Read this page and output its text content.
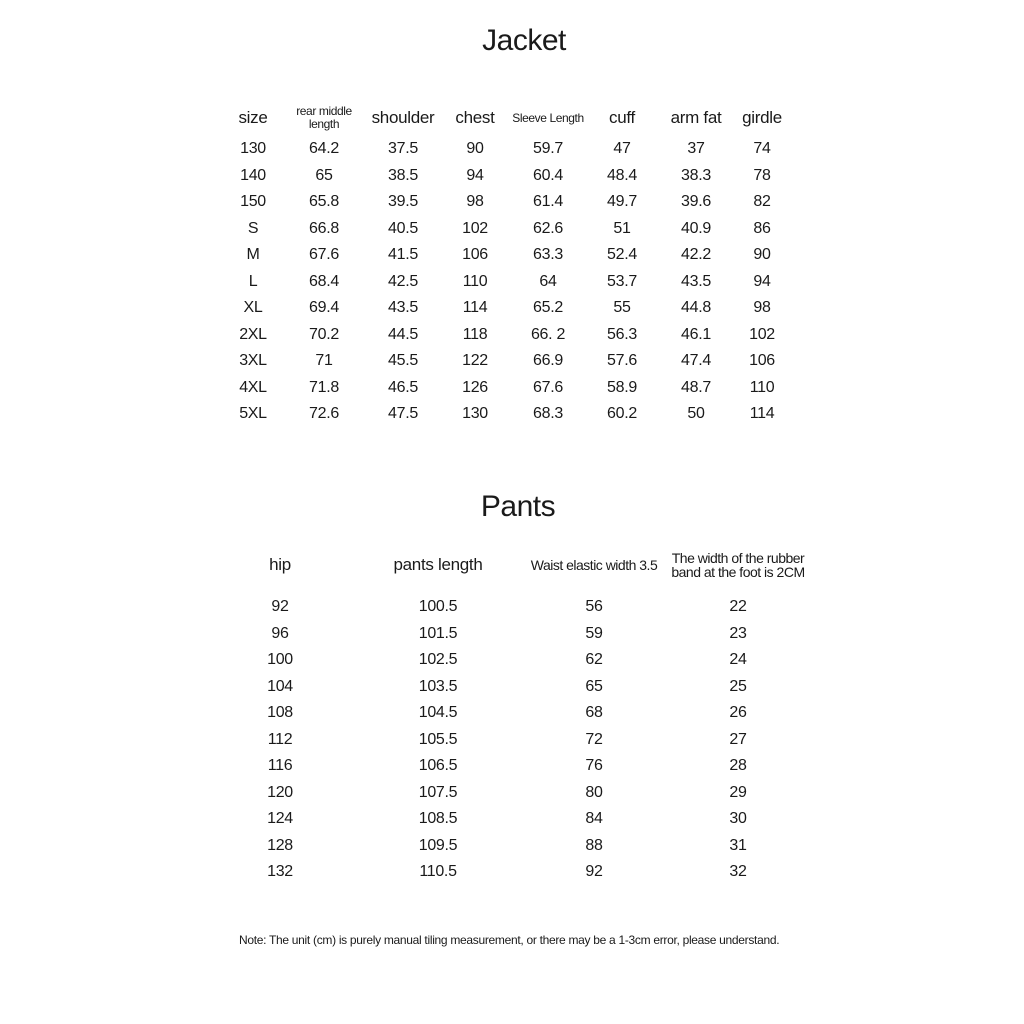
Jacket
size	rear middle length	shoulder	chest	Sleeve Length	cuff	arm fat	girdle
130	64.2	37.5	90	59.7	47	37	74
140	65	38.5	94	60.4	48.4	38.3	78
150	65.8	39.5	98	61.4	49.7	39.6	82
S	66.8	40.5	102	62.6	51	40.9	86
M	67.6	41.5	106	63.3	52.4	42.2	90
L	68.4	42.5	110	64	53.7	43.5	94
XL	69.4	43.5	114	65.2	55	44.8	98
2XL	70.2	44.5	118	66. 2	56.3	46.1	102
3XL	71	45.5	122	66.9	57.6	47.4	106
4XL	71.8	46.5	126	67.6	58.9	48.7	110
5XL	72.6	47.5	130	68.3	60.2	50	114
Pants
hip	pants length	Waist elastic width 3.5	The width of the rubber band at the foot is 2CM

92	100.5	56	22
96	101.5	59	23
100	102.5	62	24
104	103.5	65	25
108	104.5	68	26
112	105.5	72	27
116	106.5	76	28
120	107.5	80	29
124	108.5	84	30
128	109.5	88	31
132	110.5	92	32

Note: The unit (cm) is purely manual tiling measurement, or there may be a 1-3cm error, please understand.
